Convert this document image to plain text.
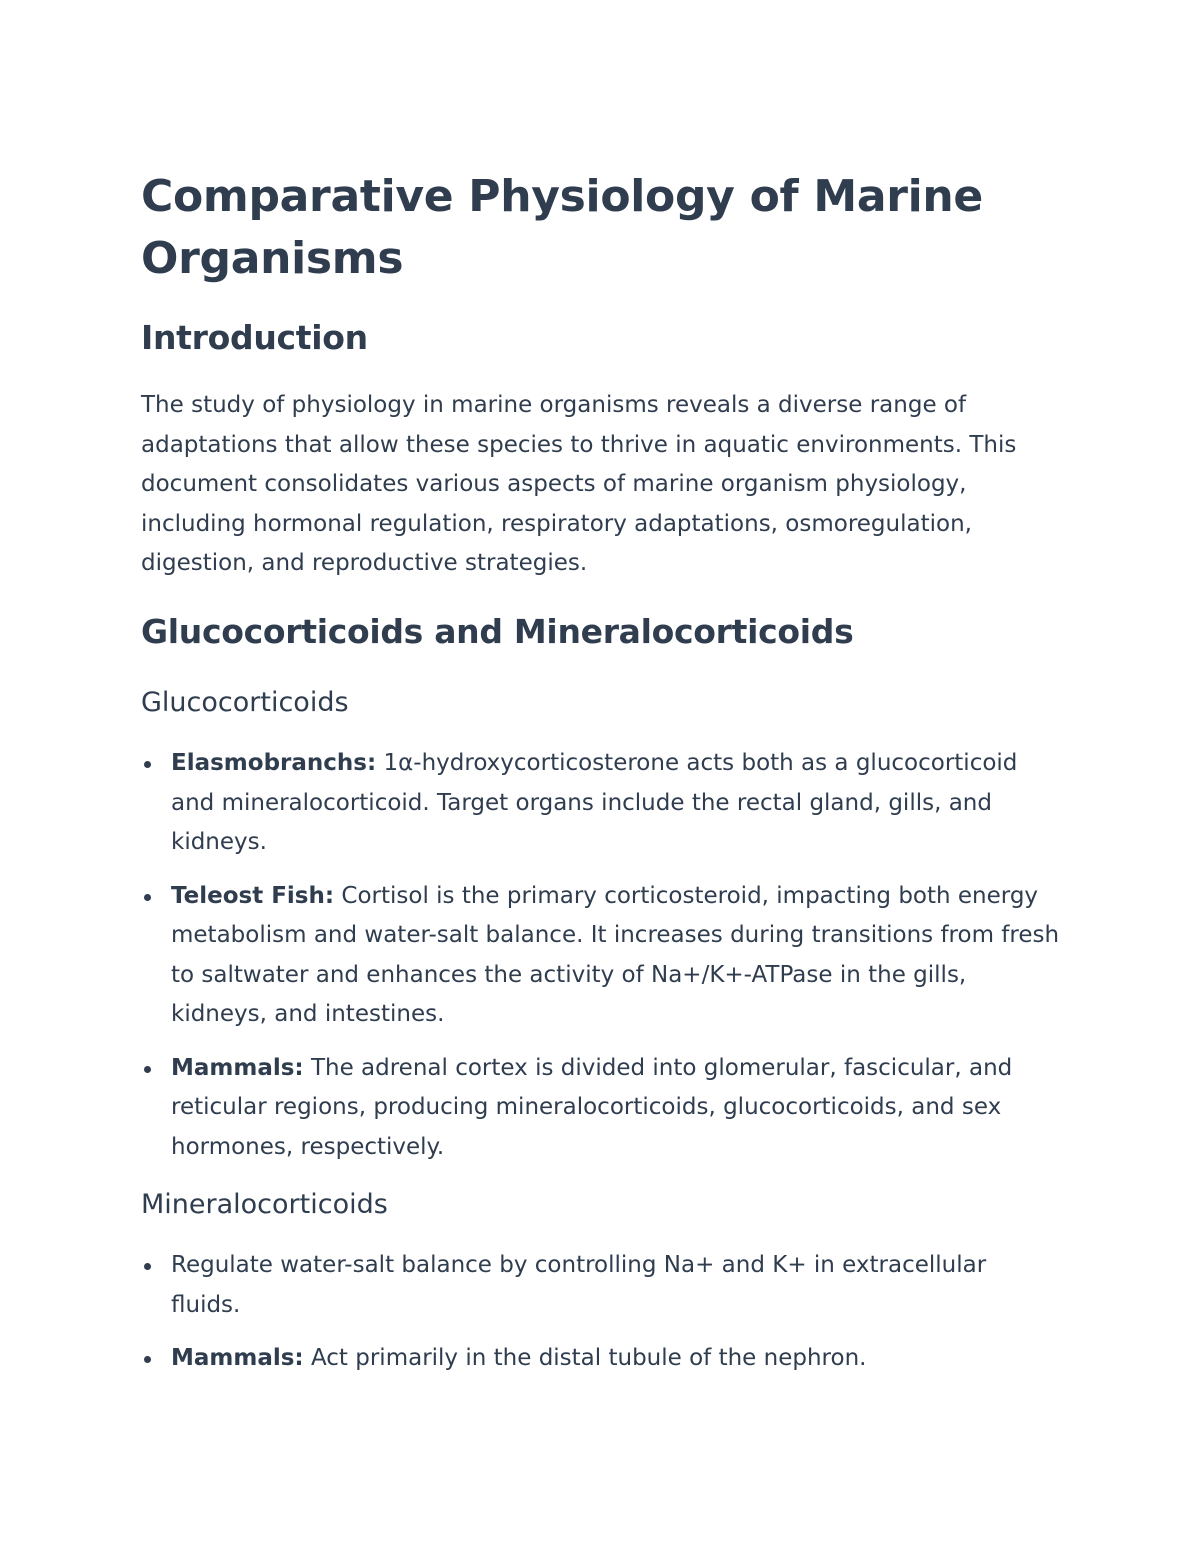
Comparative Physiology of Marine Organisms
Introduction

The study of physiology in marine organisms reveals a diverse range of adaptations that allow these species to thrive in aquatic environments. This document consolidates various aspects of marine organism physiology, including hormonal regulation, respiratory adaptations, osmoregulation, digestion, and reproductive strategies.

Glucocorticoids and Mineralocorticoids
Glucocorticoids
Elasmobranchs: 1α-hydroxycorticosterone acts both as a glucocorticoid and mineralocorticoid. Target organs include the rectal gland, gills, and kidneys.
Teleost Fish: Cortisol is the primary corticosteroid, impacting both energy metabolism and water-salt balance. It increases during transitions from fresh to saltwater and enhances the activity of Na+/K+-ATPase in the gills, kidneys, and intestines.
Mammals: The adrenal cortex is divided into glomerular, fascicular, and reticular regions, producing mineralocorticoids, glucocorticoids, and sex hormones, respectively.
Mineralocorticoids
Regulate water-salt balance by controlling Na+ and K+ in extracellular fluids.
Mammals: Act primarily in the distal tubule of the nephron.
